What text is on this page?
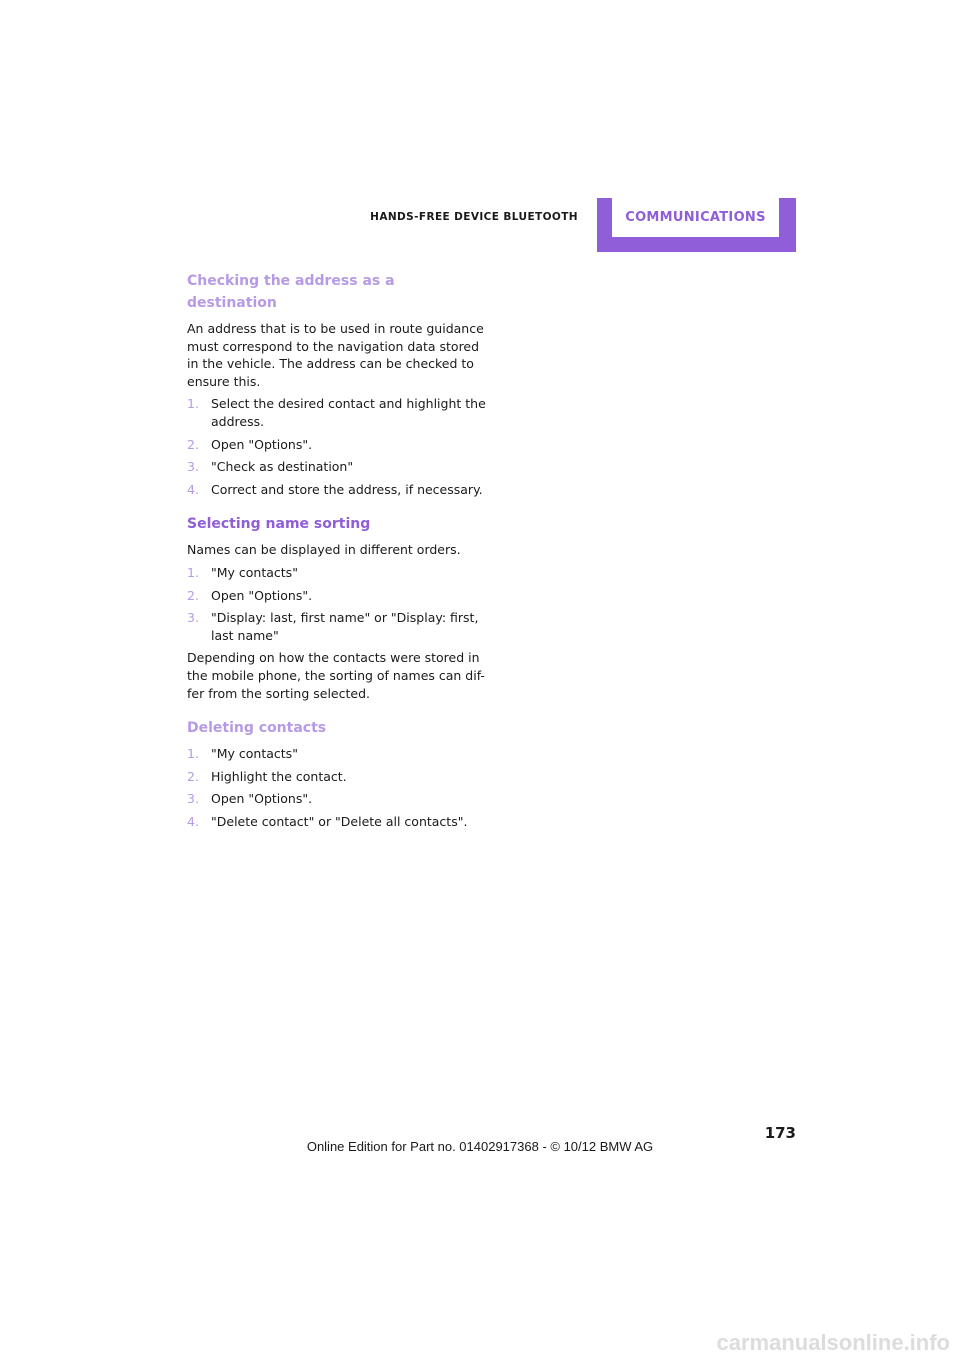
HANDS-FREE DEVICE BLUETOOTH	COMMUNICATIONS
Checking the address as a destination

An address that is to be used in route guidance must correspond to the navigation data stored in the vehicle. The address can be checked to ensure this.

1. Select the desired contact and highlight the address.
2. Open "Options".
3. "Check as destination"
4. Correct and store the address, if necessary.
Selecting name sorting

Names can be displayed in different orders.

1. "My contacts"
2. Open "Options".
3. "Display: last, first name" or "Display: first, last name"

Depending on how the contacts were stored in the mobile phone, the sorting of names can dif-fer from the sorting selected.

Deleting contacts
1. "My contacts"
2. Highlight the contact.
3. Open "Options".
4. "Delete contact" or "Delete all contacts".
173
Online Edition for Part no. 01402917368 - © 10/12 BMW AG
carmanualsonline.info
